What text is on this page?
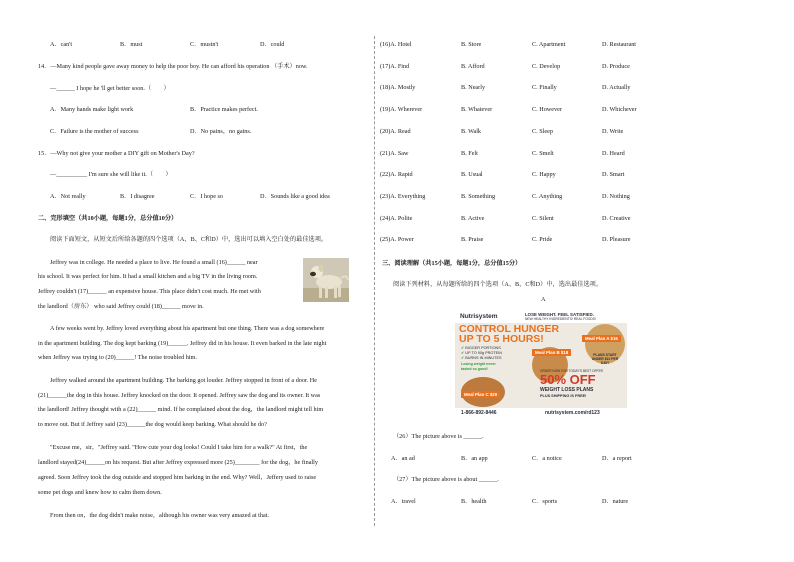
A．can't	B．must	C．mustn't	D．could
14．—Many kind people gave away money to help the poor boy. He can afford his operation （手术）now.
—______ I hope he 'll get better soon.（　　）
A．Many hands make light work	B．Practice makes perfect.
C．Failure is the mother of success	D．No pains，no gains.
15．—Why not give your mother a DIY gift on Mother's Day?
—__________ I'm sure she will like it.（　　）
A．Not really	B．I disagree	C．I hope so	D．Sounds like a good idea
二、完形填空（共10小题，每题1分，总分值10分）
阅读下面短文，从短文后所给各题的四个选项（A、B、C和D）中，选出可以填入空白处的最佳选项。
Jeffrey was in college. He needed a place to live. He found a small (16)______ near
his school. It was perfect for him. It had a small kitchen and a big TV in the living room.
Jeffrey couldn't (17)______ an expensive house. This place didn't cost much. He met with
the landlord（房东） who said Jeffrey could (18)______ move in.
A few weeks went by. Jeffrey loved everything about his apartment but one thing. There was a dog somewhere
in the apartment building. The dog kept barking (19)______. Jeffrey did in his house. It even barked in the late night
when Jeffrey was trying to (20)______! The noise troubled him.
Jeffrey walked around the apartment building. The barking got louder. Jeffrey stopped in front of a door. He
(21)______the dog in this house. Jeffrey knocked on the door. It opened. Jeffrey saw the dog and its owner. It was
the landlord! Jeffrey thought with a (22)______ mind. If he complained about the dog，the landlord might tell him
to move out. But if Jeffrey said (23)______the dog would keep barking. What should he do?
"Excuse me，sir，"Jeffrey said. "How cute your dog looks! Could I take him for a walk?" At first，the
landlord stayed(24)______on his request. But after Jeffrey expressed more (25)________ for the dog，he finally
agreed. Soon Jeffrey took the dog outside and stopped him barking in the end. Why? Well，Jeffery used to raise
some pet dogs and knew how to calm them down.
From then on，the dog didn't make noise，although his owner was very amazed at that.
(16)A. Hotel	B. Store	C. Apartment	D. Restaurant
(17)A. Find	B. Afford	C. Develop	D. Produce
(18)A. Mostly	B. Nearly	C. Finally	D. Actually
(19)A. Wherever	B. Whatever	C. However	D. Whichever
(20)A. Read	B. Walk	C. Sleep	D. Write
(21)A. Saw	B. Felt	C. Smelt	D. Heard
(22)A. Rapid	B. Usual	C. Happy	D. Smart
(23)A. Everything	B. Something	C. Anything	D. Nothing
(24)A. Polite	B. Active	C. Silent	D. Creative
(25)A. Power	B. Praise	C. Pride	D. Pleasure
三、阅读理解（共15小题，每题1分，总分值15分）
阅读下列材料，从每题所给的四个选项（A、B、C和D）中，选出最佳选项。
A
Nutrisystem	LOSE WEIGHT. FEEL SATISFIED.
NEW HEALTHY INGREDIENTS! REAL FOODS!
CONTROL HUNGER
UP TO 5 HOURS!
✔ BIGGER PORTIONS
✔ UP TO 90g PROTEIN
✔ BURNS IN MINUTES
Losing weight never tasted so good!
Meal Plan A $16
Meal Plan B $18
Meal Plan C $20
PLANS START UNDER $10 PER DAY!
ORDER NOW FOR TODAY'S BEST OFFER
50% OFF
WEIGHT LOSS PLANS
PLUS SHIPPING IS FREE!
1-866-892-8446	nutrisystem.com/rd123
（26）The picture above is ______.
A．an ad	B．an app	C．a notice	D．a report
（27）The picture above is about ______.
A．travel	B．health	C．sports	D．nature
